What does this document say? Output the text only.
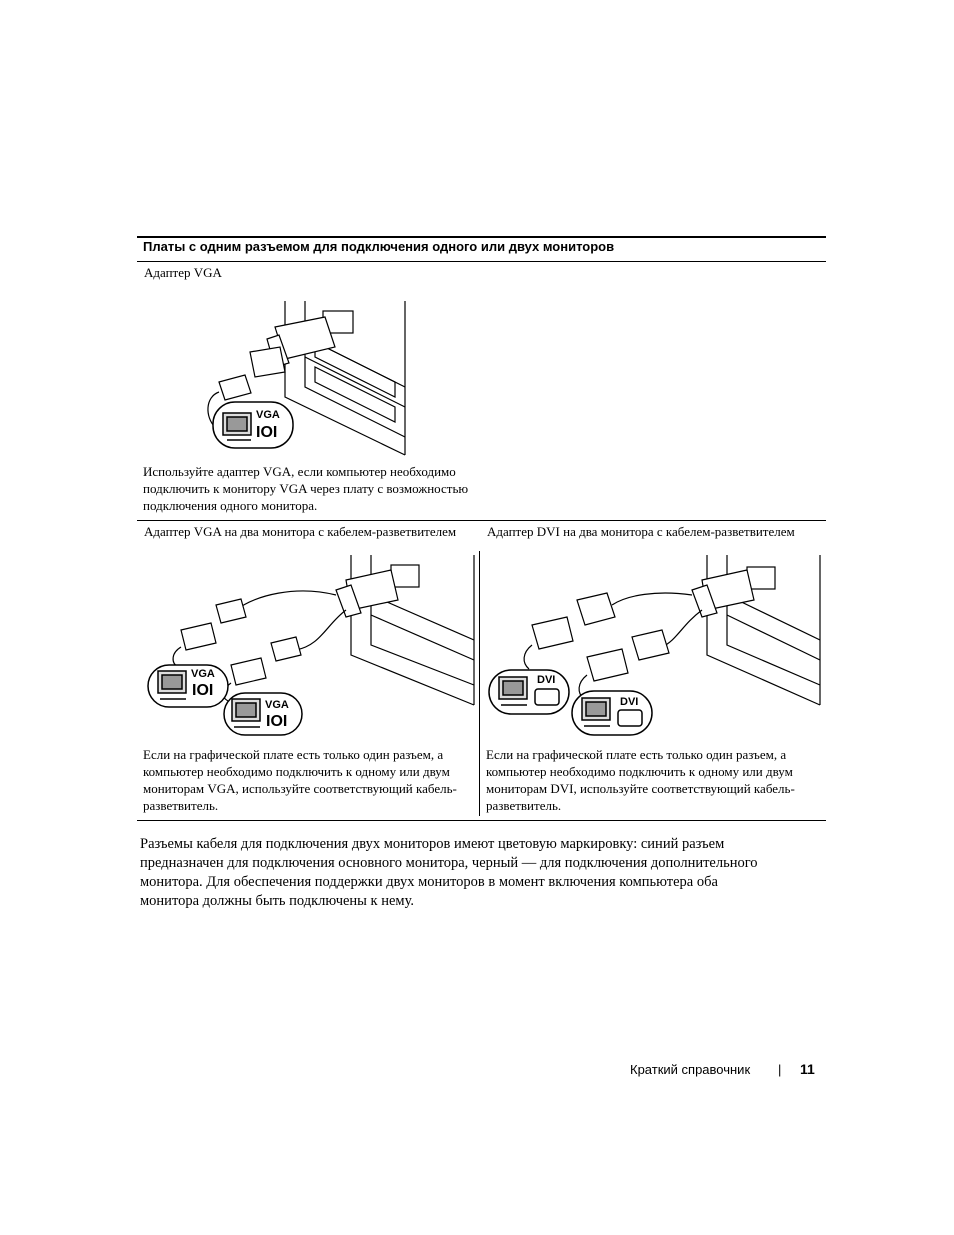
Платы с одним разъемом для подключения одного или двух мониторов
Адаптер VGA
VGA
IOI
Используйте адаптер VGA, если компьютер необходимо подключить к монитору VGA через плату с возможностью подключения одного монитора.
Адаптер VGA на два монитора с кабелем-разветвителем Адаптер DVI на два монитора с кабелем-разветвителем
VGA
IOI
VGA
IOI
DVI
DVI
Если на графической плате есть только один разъем, а компьютер необходимо подключить к одному или двум мониторам VGA, используйте соответствующий кабель-разветвитель.
Если на графической плате есть только один разъем, а компьютер необходимо подключить к одному или двум мониторам DVI, используйте соответствующий кабель-разветвитель.
Разъемы кабеля для подключения двух мониторов имеют цветовую маркировку: синий разъем предназначен для подключения основного монитора, черный — для подключения дополнительного монитора. Для обеспечения поддержки двух мониторов в момент включения компьютера оба монитора должны быть подключены к нему.
Краткий справочник | 11
